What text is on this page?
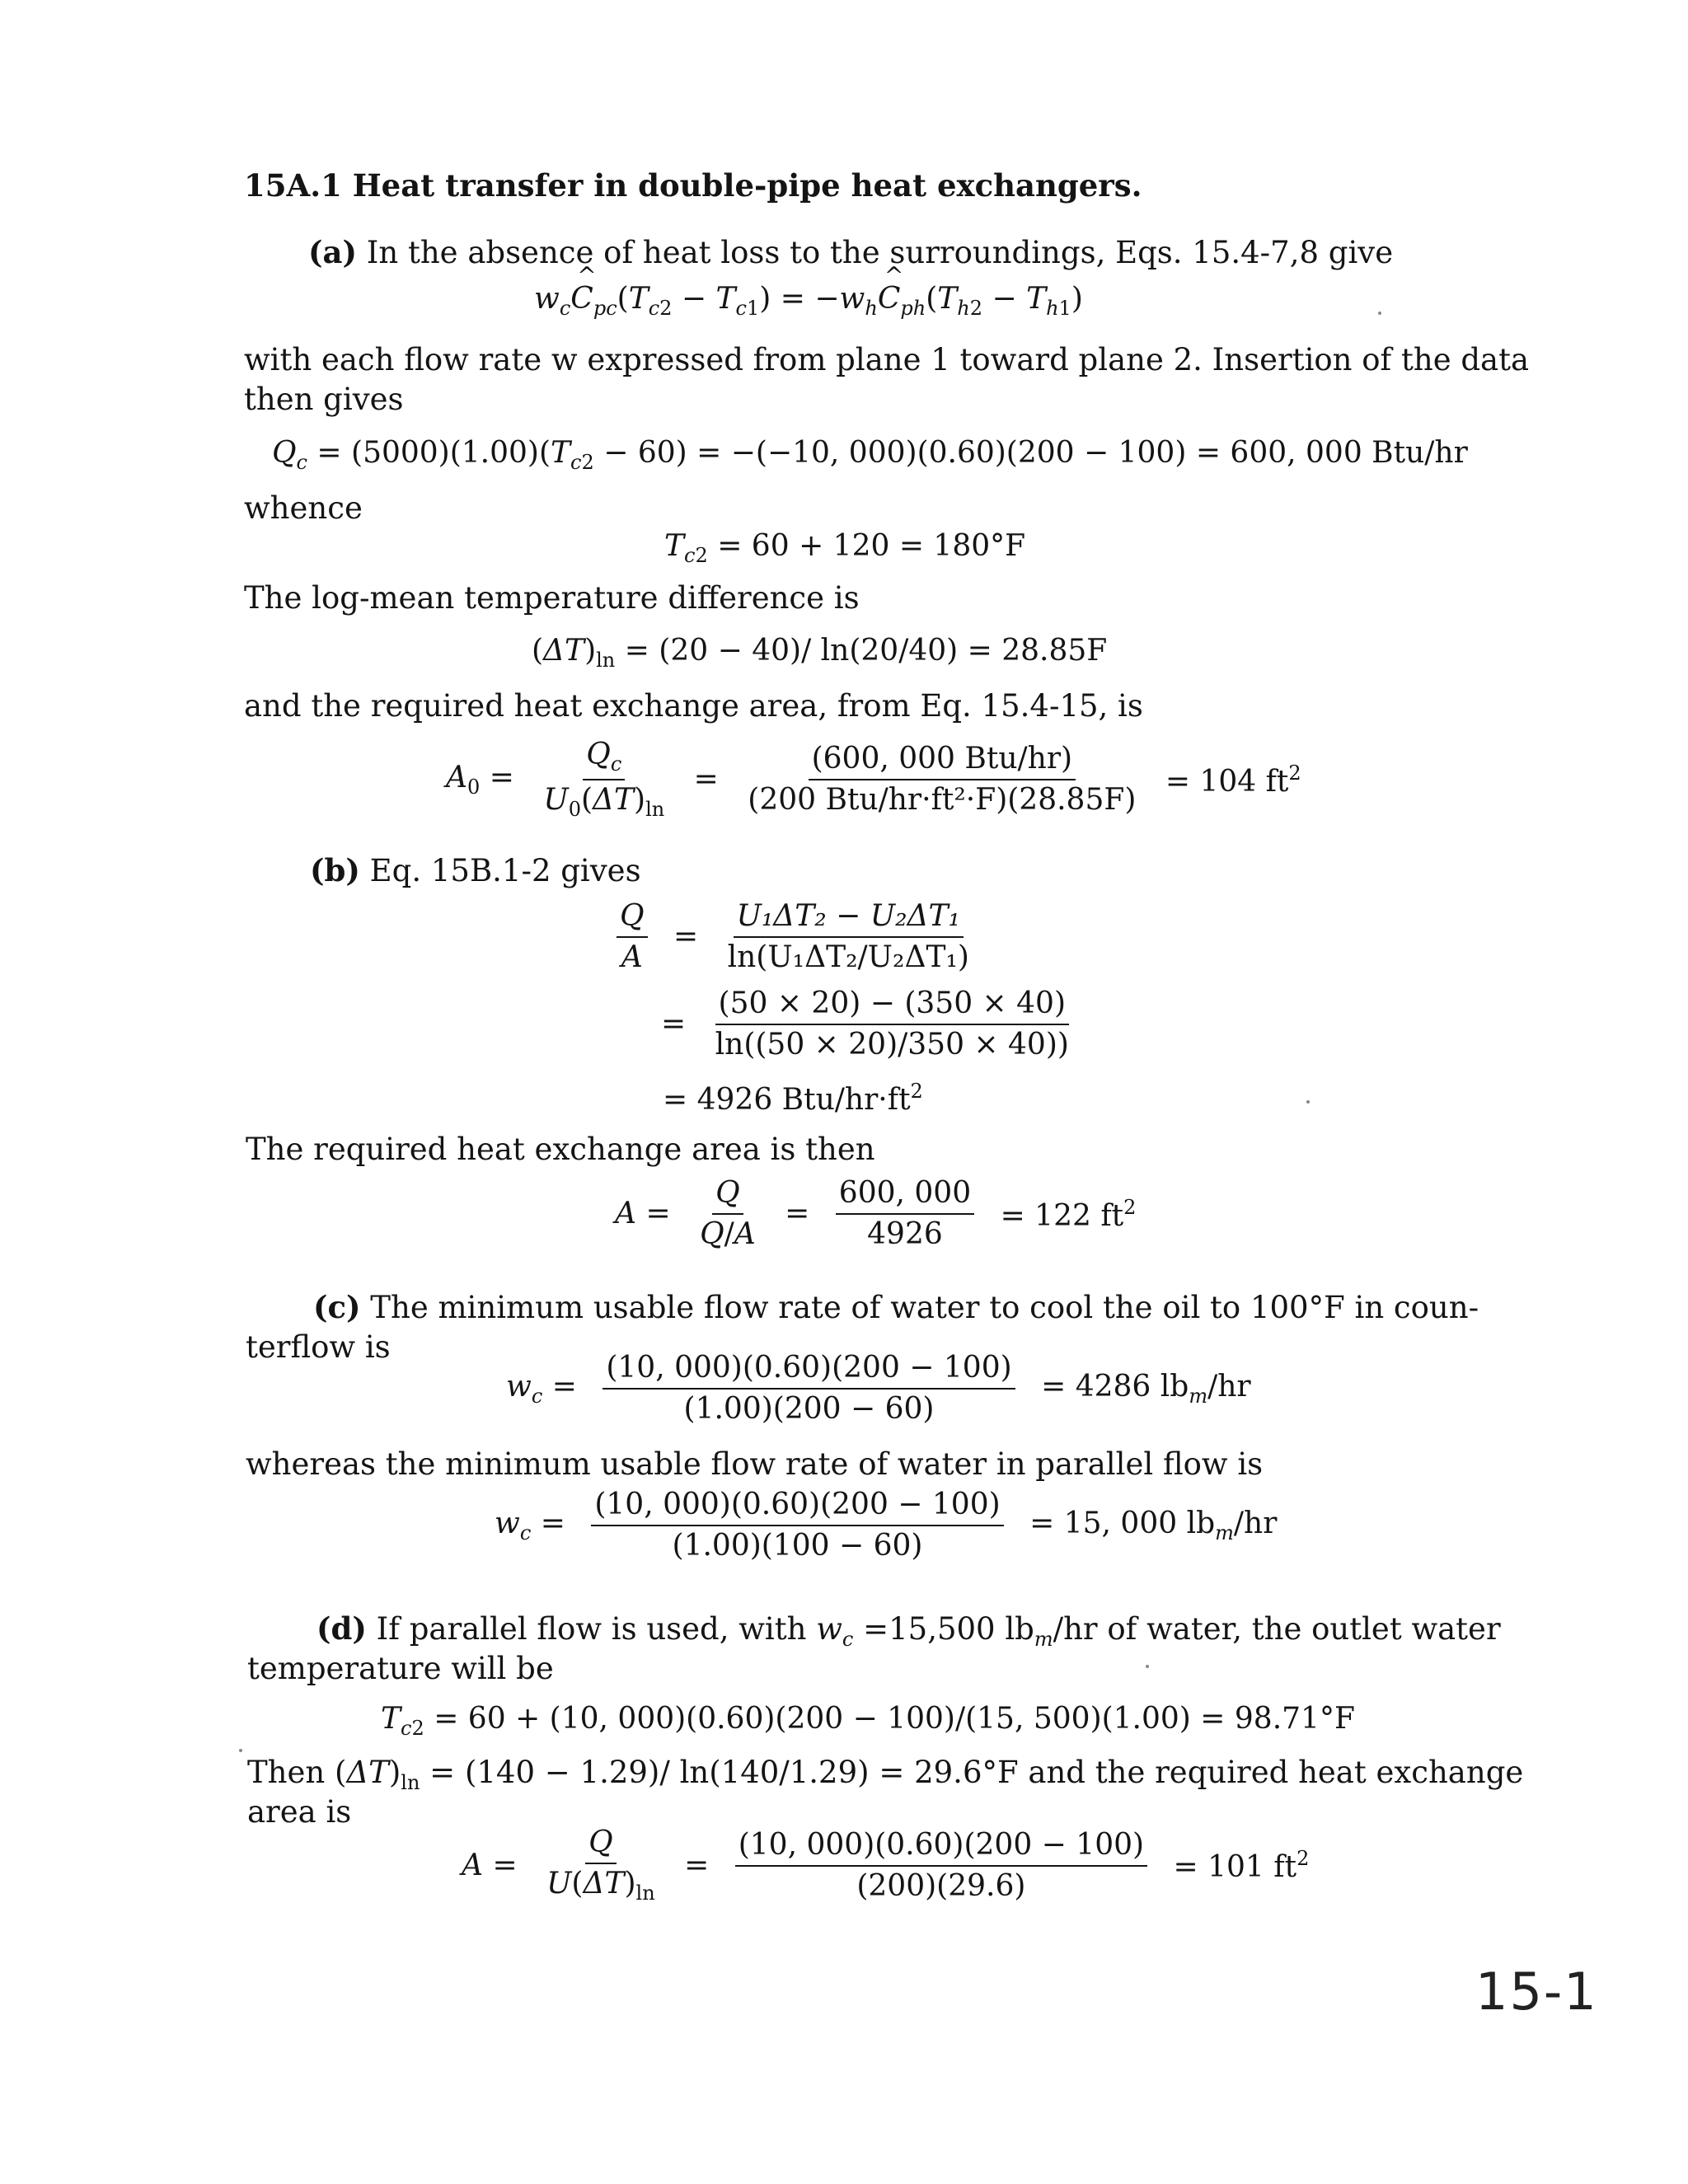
15A.1 Heat transfer in double-pipe heat exchangers.
(a) In the absence of heat loss to the surroundings, Eqs. 15.4-7,8 give
$w_c\^{}$ $C_{pc}(T_{c2} - T_{c1})$ = $-w_h\^{}$ $C_{ph}(T_{h2} - T_{h1})$
with each flow rate w expressed from plane 1 toward plane 2. Insertion of the data
then gives
$Q_c = (5000)(1.00)(T_{c2} - 60) = -(-10$, 000)(0.60)(200 − 100) = 600, 000 Btu/hr
whence
$T_{c2} = 60 + 120 = 180^\circ F$
The log-mean temperature difference is
$(\Delta T)_{ln} = (20 - 40)/$ ln(20/40) = 28.85F
and the required heat exchange area, from Eq. 15.4-15, is
$A_0 = \frac{Q_c}{U_0(\Delta T)_{ln}} = \frac{\text{(600, 000 Btu/hr)}}{\text{(200 Btu/hr·ft²·F)(28.85F)}} = 104$ $ft^2$
(b) Eq. 15B.1-2 gives
$\frac{Q}{A} = \frac{\text{U₁ΔT₂ − U₂ΔT₁}}{\text{ln(U₁ΔT₂/U₂ΔT₁)}}$
= $\frac{(50 \times 20) - (350 \times 40)}{\ln((50 \times 20)/350 \times 40))}$
= 4926 Btu/$hr\cdot ft^2$
The required heat exchange area is then
$A = \frac{Q}{Q/A} = \frac{600, 000}{4926} = 122$ $ft^2$
(c) The minimum usable flow rate of water to cool the oil to 100°F in coun-
terflow is
$w_c = \frac{(10, 000)(0.60)(200 - 100)}{(1.00)(200 - 60)} = 4286$ $lb_m/hr$
whereas the minimum usable flow rate of water in parallel flow is
$w_c = \frac{(10, 000)(0.60)(200 - 100)}{(1.00)(100 - 60)} = 15$, 000 $lb_m/hr$
(d) If parallel flow is used, with $w_c =15,500$ $lb_m/hr$ of water, the outlet water
temperature will be
$T_{c2} = 60 + (10$, 000)(0.60)(200 − 100)/(15, 500)(1.00) = 98.71°F
Then $(\Delta T)_{ln} = (140 - 1.29)/$ ln(140/1.29) = 29.6°F and the required heat exchange
area is
$A = \frac{Q}{U(\Delta T)_{ln}} = \frac{(10, 000)(0.60)(200 - 100)}{(200)(29.6)} = 101$ $ft^2$
15-1
